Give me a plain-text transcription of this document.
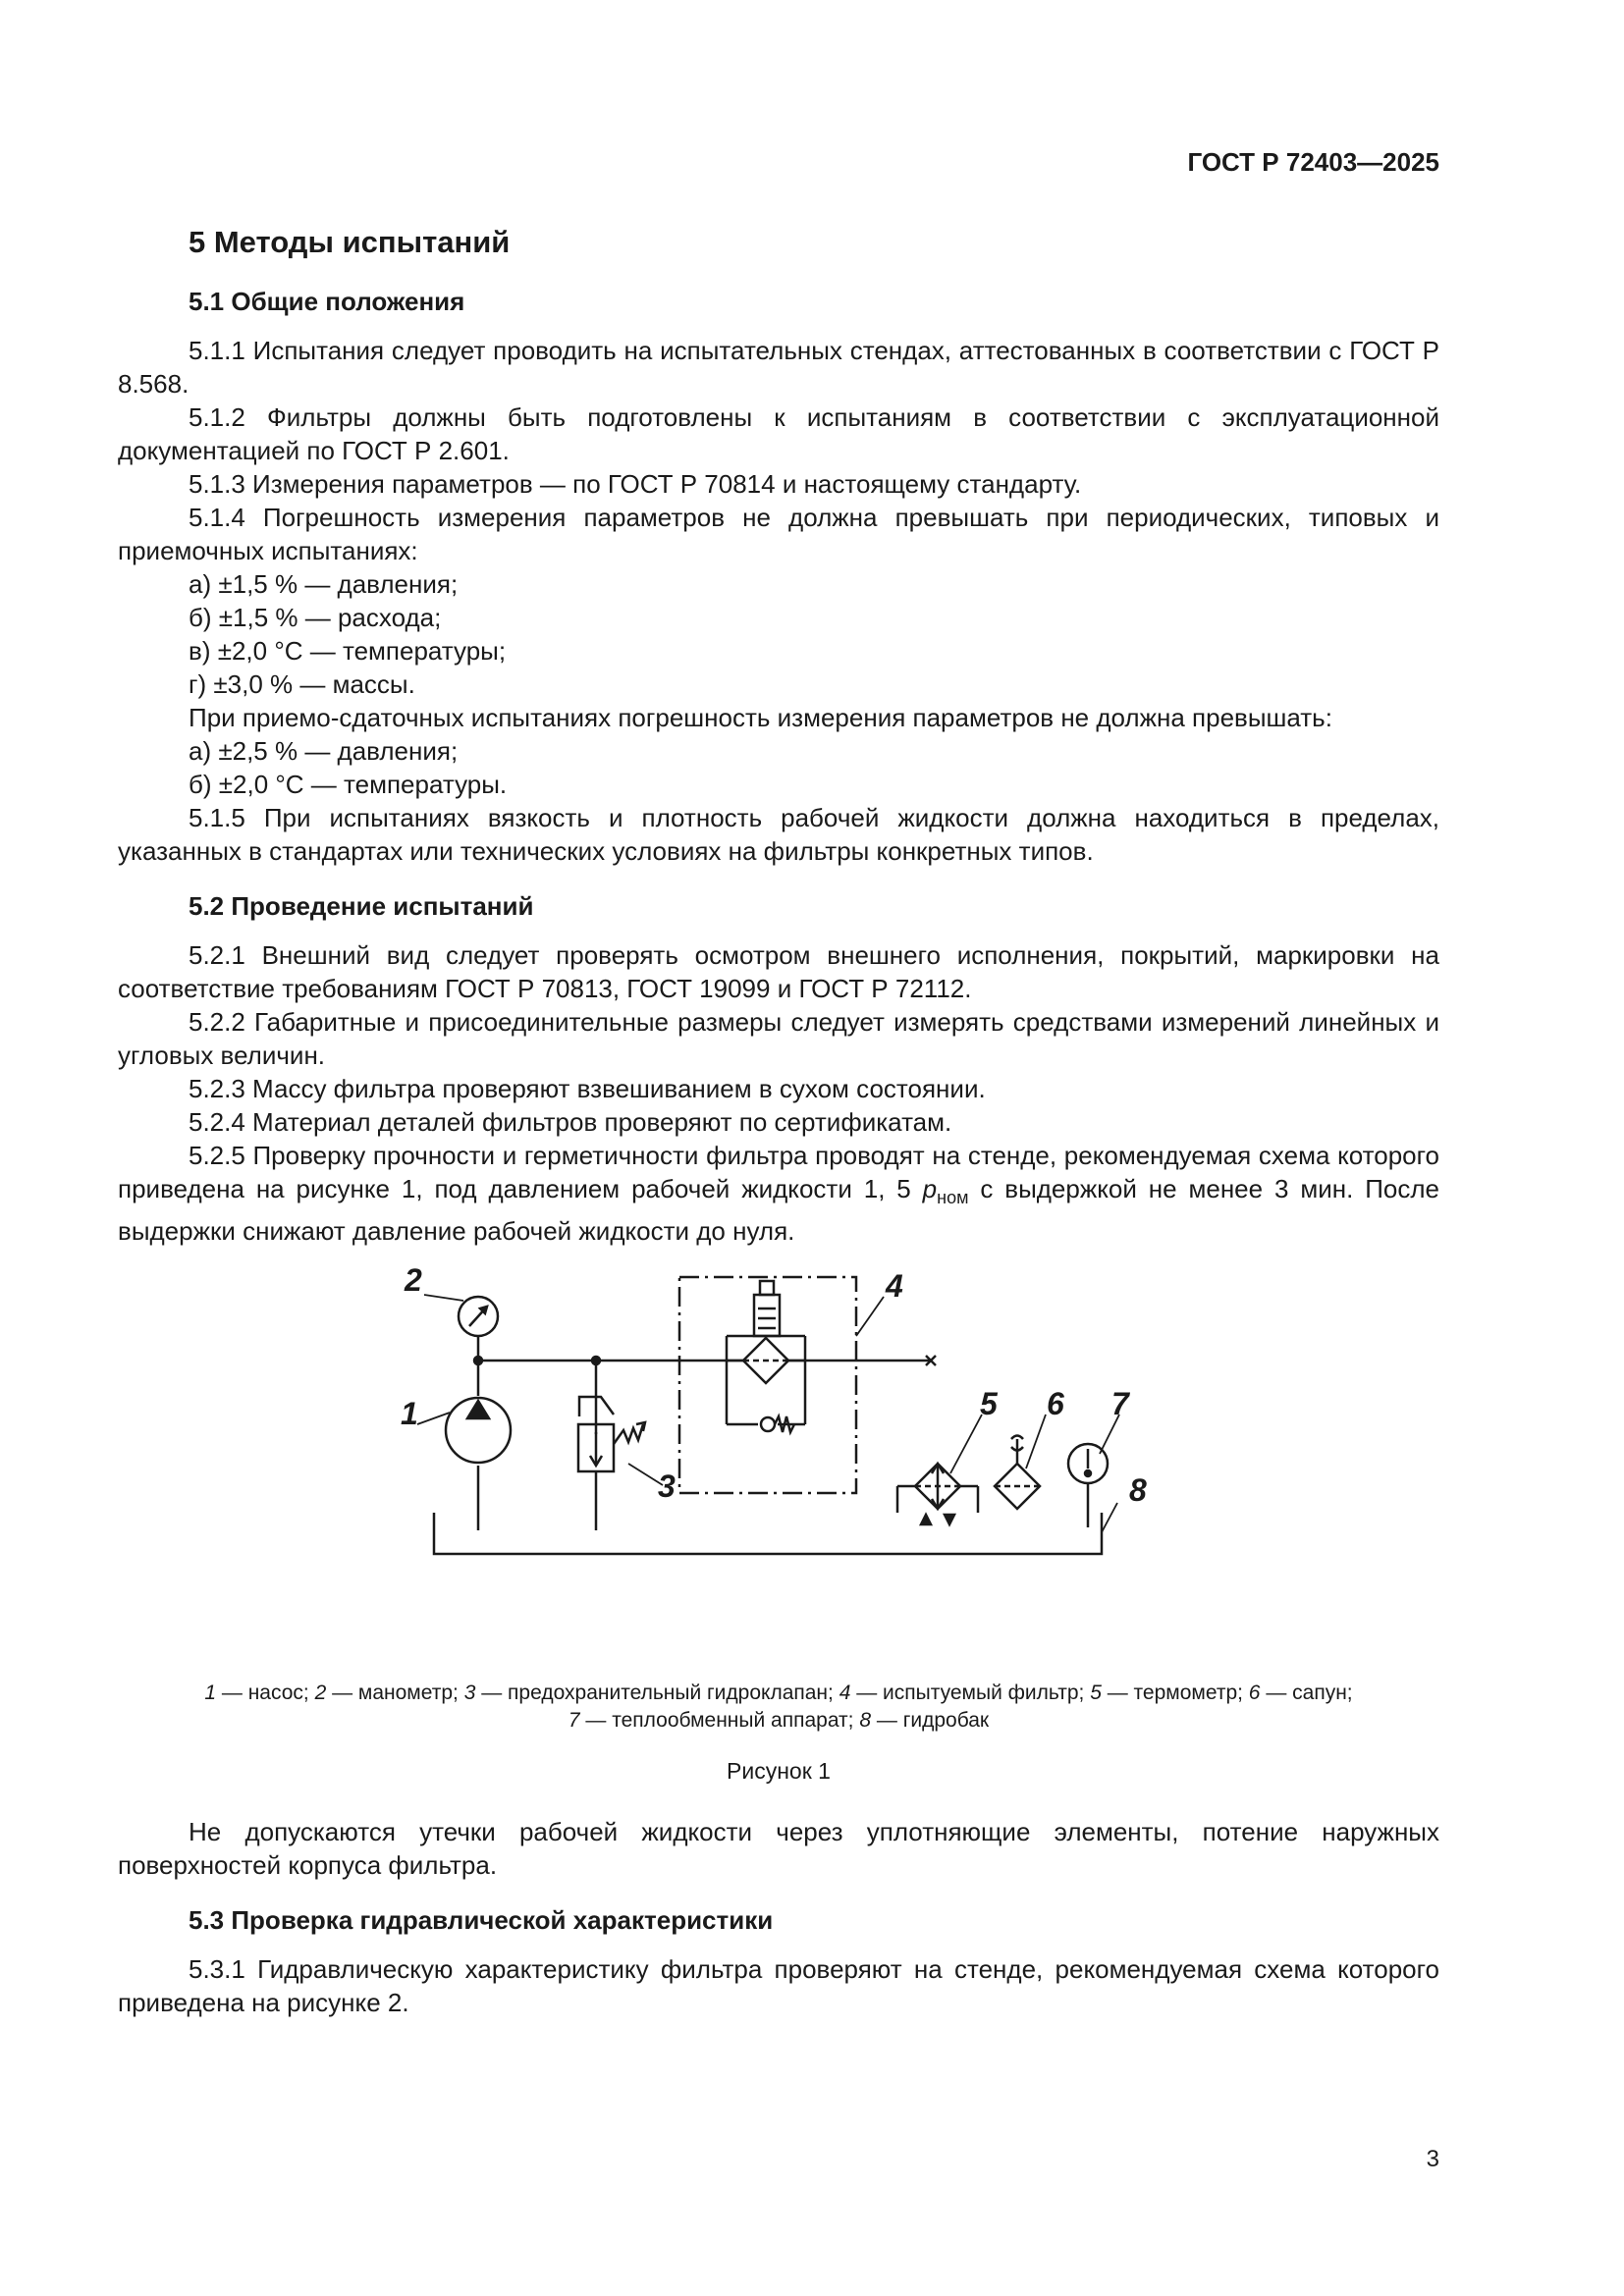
ГОСТ Р 72403—2025
5 Методы испытаний
5.1 Общие положения

5.1.1 Испытания следует проводить на испытательных стендах, аттестованных в соответствии с ГОСТ Р 8.568.

5.1.2 Фильтры должны быть подготовлены к испытаниям в соответствии с эксплуатационной документацией по ГОСТ Р 2.601.

5.1.3 Измерения параметров — по ГОСТ Р 70814 и настоящему стандарту.

5.1.4 Погрешность измерения параметров не должна превышать при периодических, типовых и приемочных испытаниях:

а) ±1,5 % — давления;

б) ±1,5 % — расхода;

в) ±2,0 °С — температуры;

г) ±3,0 % — массы.

При приемо-сдаточных испытаниях погрешность измерения параметров не должна превышать:

а) ±2,5 % — давления;

б) ±2,0 °С — температуры.

5.1.5 При испытаниях вязкость и плотность рабочей жидкости должна находиться в пределах, указанных в стандартах или технических условиях на фильтры конкретных типов.

5.2 Проведение испытаний

5.2.1 Внешний вид следует проверять осмотром внешнего исполнения, покрытий, маркировки на соответствие требованиям ГОСТ Р 70813, ГОСТ 19099 и ГОСТ Р 72112.

5.2.2 Габаритные и присоединительные размеры следует измерять средствами измерений линейных и угловых величин.

5.2.3 Массу фильтра проверяют взвешиванием в сухом состоянии.

5.2.4 Материал деталей фильтров проверяют по сертификатам.

5.2.5 Проверку прочности и герметичности фильтра проводят на стенде, рекомендуемая схема которого приведена на рисунке 1, под давлением рабочей жидкости 1, 5 $p_{ном}$ с выдержкой не менее 3 мин. После выдержки снижают давление рабочей жидкости до нуля.

2
1
3
4
5 6 7
8
1 — насос; 2 — манометр; 3 — предохранительный гидроклапан; 4 — испытуемый фильтр; 5 — термометр; 6 — сапун;
7 — теплообменный аппарат; 8 — гидробак
Рисунок 1

Не допускаются утечки рабочей жидкости через уплотняющие элементы, потение наружных поверхностей корпуса фильтра.

5.3 Проверка гидравлической характеристики

5.3.1 Гидравлическую характеристику фильтра проверяют на стенде, рекомендуемая схема которого приведена на рисунке 2.

3
